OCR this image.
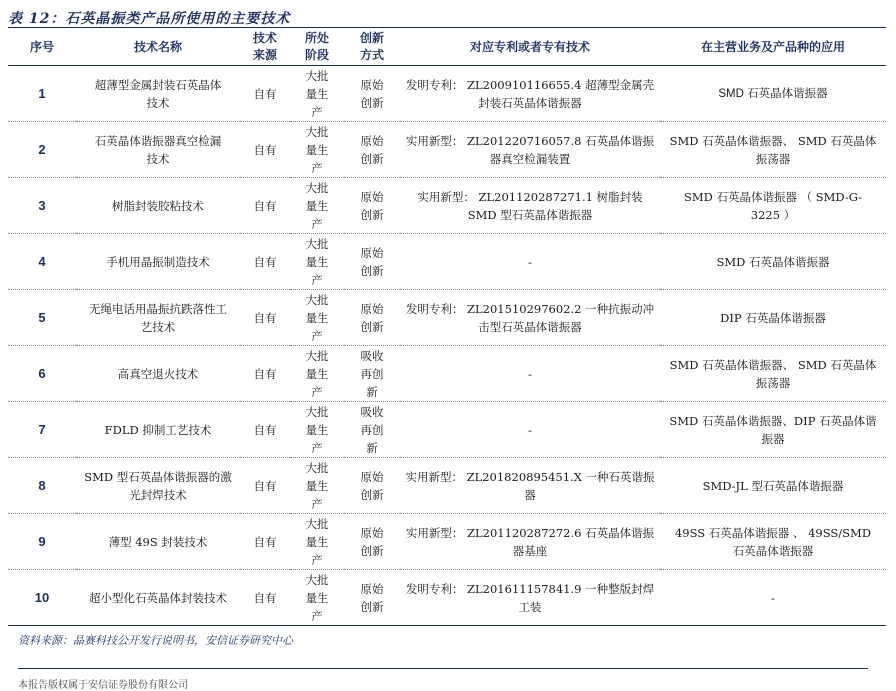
表 12：石英晶振类产品所使用的主要技术
序号	技术名称	技术来源	所处阶段	创新方式	对应专利或者专有技术	在主营业务及产品种的应用
1	超薄型金属封装石英晶体技术	自有	大批量生产	原始创新	发明专利： ZL200910116655.4 超薄型金属壳封装石英晶体谐振器	SMD 石英晶体谐振器
2	石英晶体谐振器真空检漏技术	自有	大批量生产	原始创新	实用新型： ZL201220716057.8 石英晶体谐振器真空检漏装置	SMD 石英晶体谐振器、 SMD 石英晶体振荡器

3	树脂封装胶粘技术	自有	大批量生产	原始创新	实用新型： ZL201120287271.1 树脂封装 SMD 型石英晶体谐振器	SMD 石英晶体谐振器 （ SMD-G-3225 ）

4	手机用晶振制造技术	自有	大批量生产	原始创新	-	SMD 石英晶体谐振器
5	无绳电话用晶振抗跌落性工艺技术	自有	大批量生产	原始创新	发明专利： ZL201510297602.2 一种抗振动冲击型石英晶体谐振器	DIP 石英晶体谐振器
6	高真空退火技术	自有	大批量生产	吸收再创新	-	SMD 石英晶体谐振器、 SMD 石英晶体振荡器

7	FDLD 抑制工艺技术	自有	大批量生产	吸收再创新	-	SMD 石英晶体谐振器、DIP 石英晶体谐振器

8	SMD 型石英晶体谐振器的激光封焊技术	自有	大批量生产	原始创新	实用新型： ZL201820895451.X 一种石英谐振器	SMD-JL 型石英晶体谐振器
9	薄型 49S 封装技术	自有	大批量生产	原始创新	实用新型： ZL201120287272.6 石英晶体谐振器基座	49SS 石英晶体谐振器 、 49SS/SMD 石英晶体谐振器

10	超小型化石英晶体封装技术	自有	大批量生产	原始创新	发明专利： ZL201611157841.9 一种整版封焊工装	-
资料来源：晶赛科技公开发行说明书，安信证券研究中心
本报告版权属于安信证券股份有限公司
